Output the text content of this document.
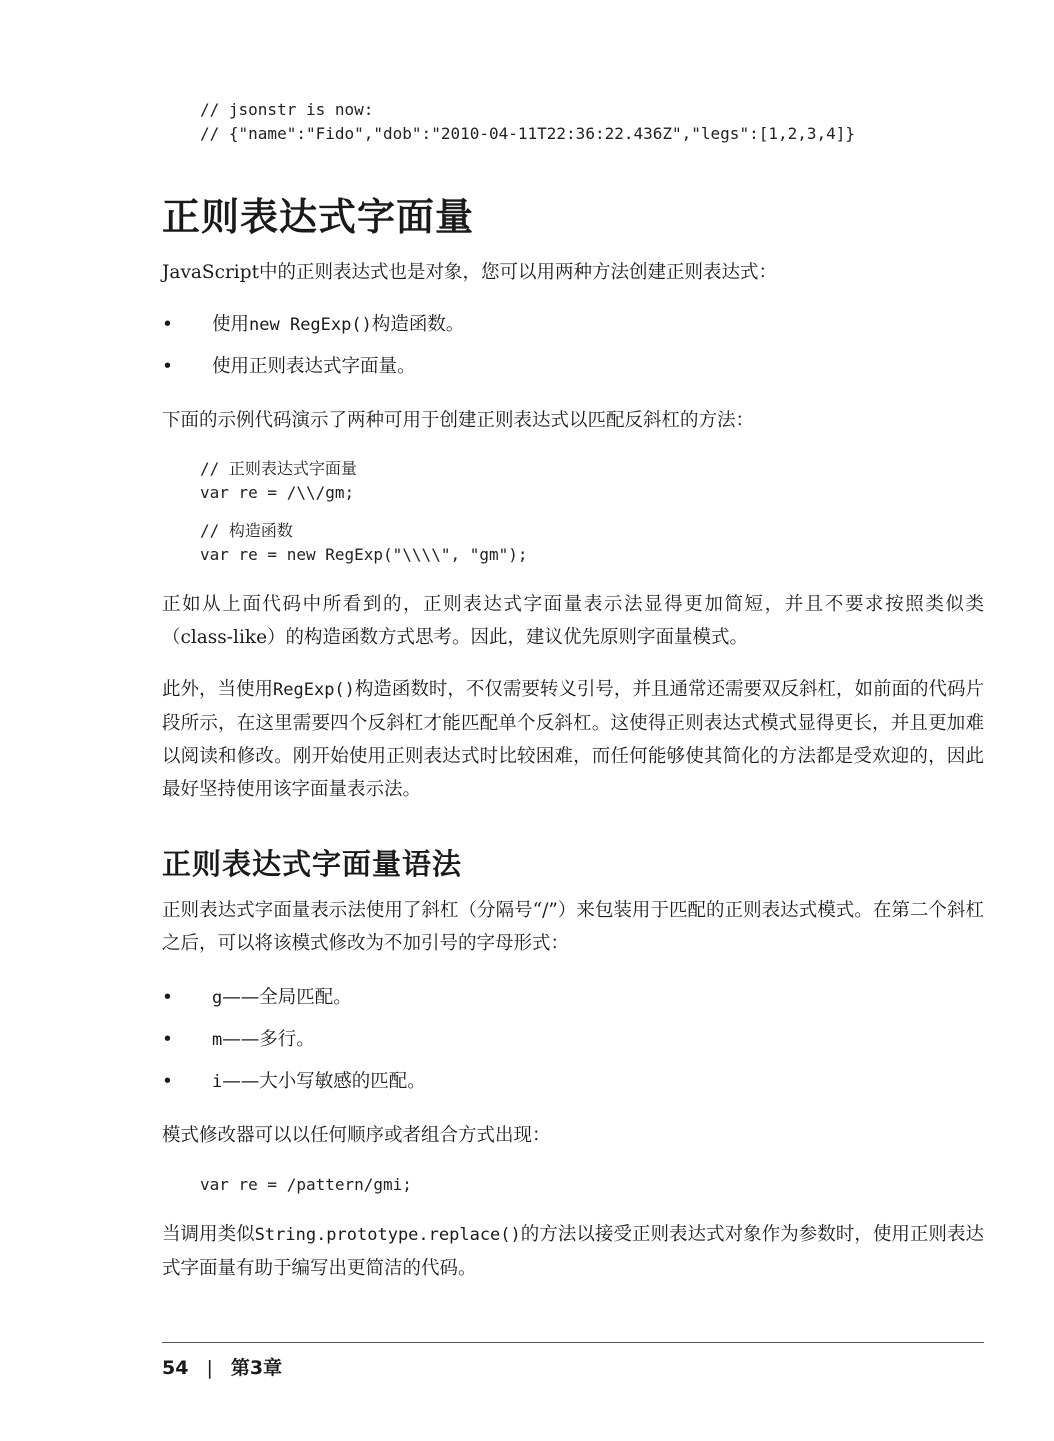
// jsonstr is now:
// {"name":"Fido","dob":"2010-04-11T22:36:22.436Z","legs":[1,2,3,4]}
正则表达式字面量

JavaScript中的正则表达式也是对象，您可以用两种方法创建正则表达式：

• 使用new RegExp()构造函数。
• 使用正则表达式字面量。

下面的示例代码演示了两种可用于创建正则表达式以匹配反斜杠的方法：

// 正则表达式字面量
var re = /\\/gm;
// 构造函数
var re = new RegExp("\\\\", "gm");

正如从上面代码中所看到的，正则表达式字面量表示法显得更加简短，并且不要求按照类似类（class-like）的构造函数方式思考。因此，建议优先原则字面量模式。

此外，当使用RegExp()构造函数时，不仅需要转义引号，并且通常还需要双反斜杠，如前面的代码片段所示，在这里需要四个反斜杠才能匹配单个反斜杠。这使得正则表达式模式显得更长，并且更加难以阅读和修改。刚开始使用正则表达式时比较困难，而任何能够使其简化的方法都是受欢迎的，因此最好坚持使用该字面量表示法。

正则表达式字面量语法

正则表达式字面量表示法使用了斜杠（分隔号“/”）来包装用于匹配的正则表达式模式。在第二个斜杠之后，可以将该模式修改为不加引号的字母形式：

• g——全局匹配。
• m——多行。
• i——大小写敏感的匹配。

模式修改器可以以任何顺序或者组合方式出现：

var re = /pattern/gmi;

当调用类似String.prototype.replace()的方法以接受正则表达式对象作为参数时，使用正则表达式字面量有助于编写出更简洁的代码。

54 | 第3章
